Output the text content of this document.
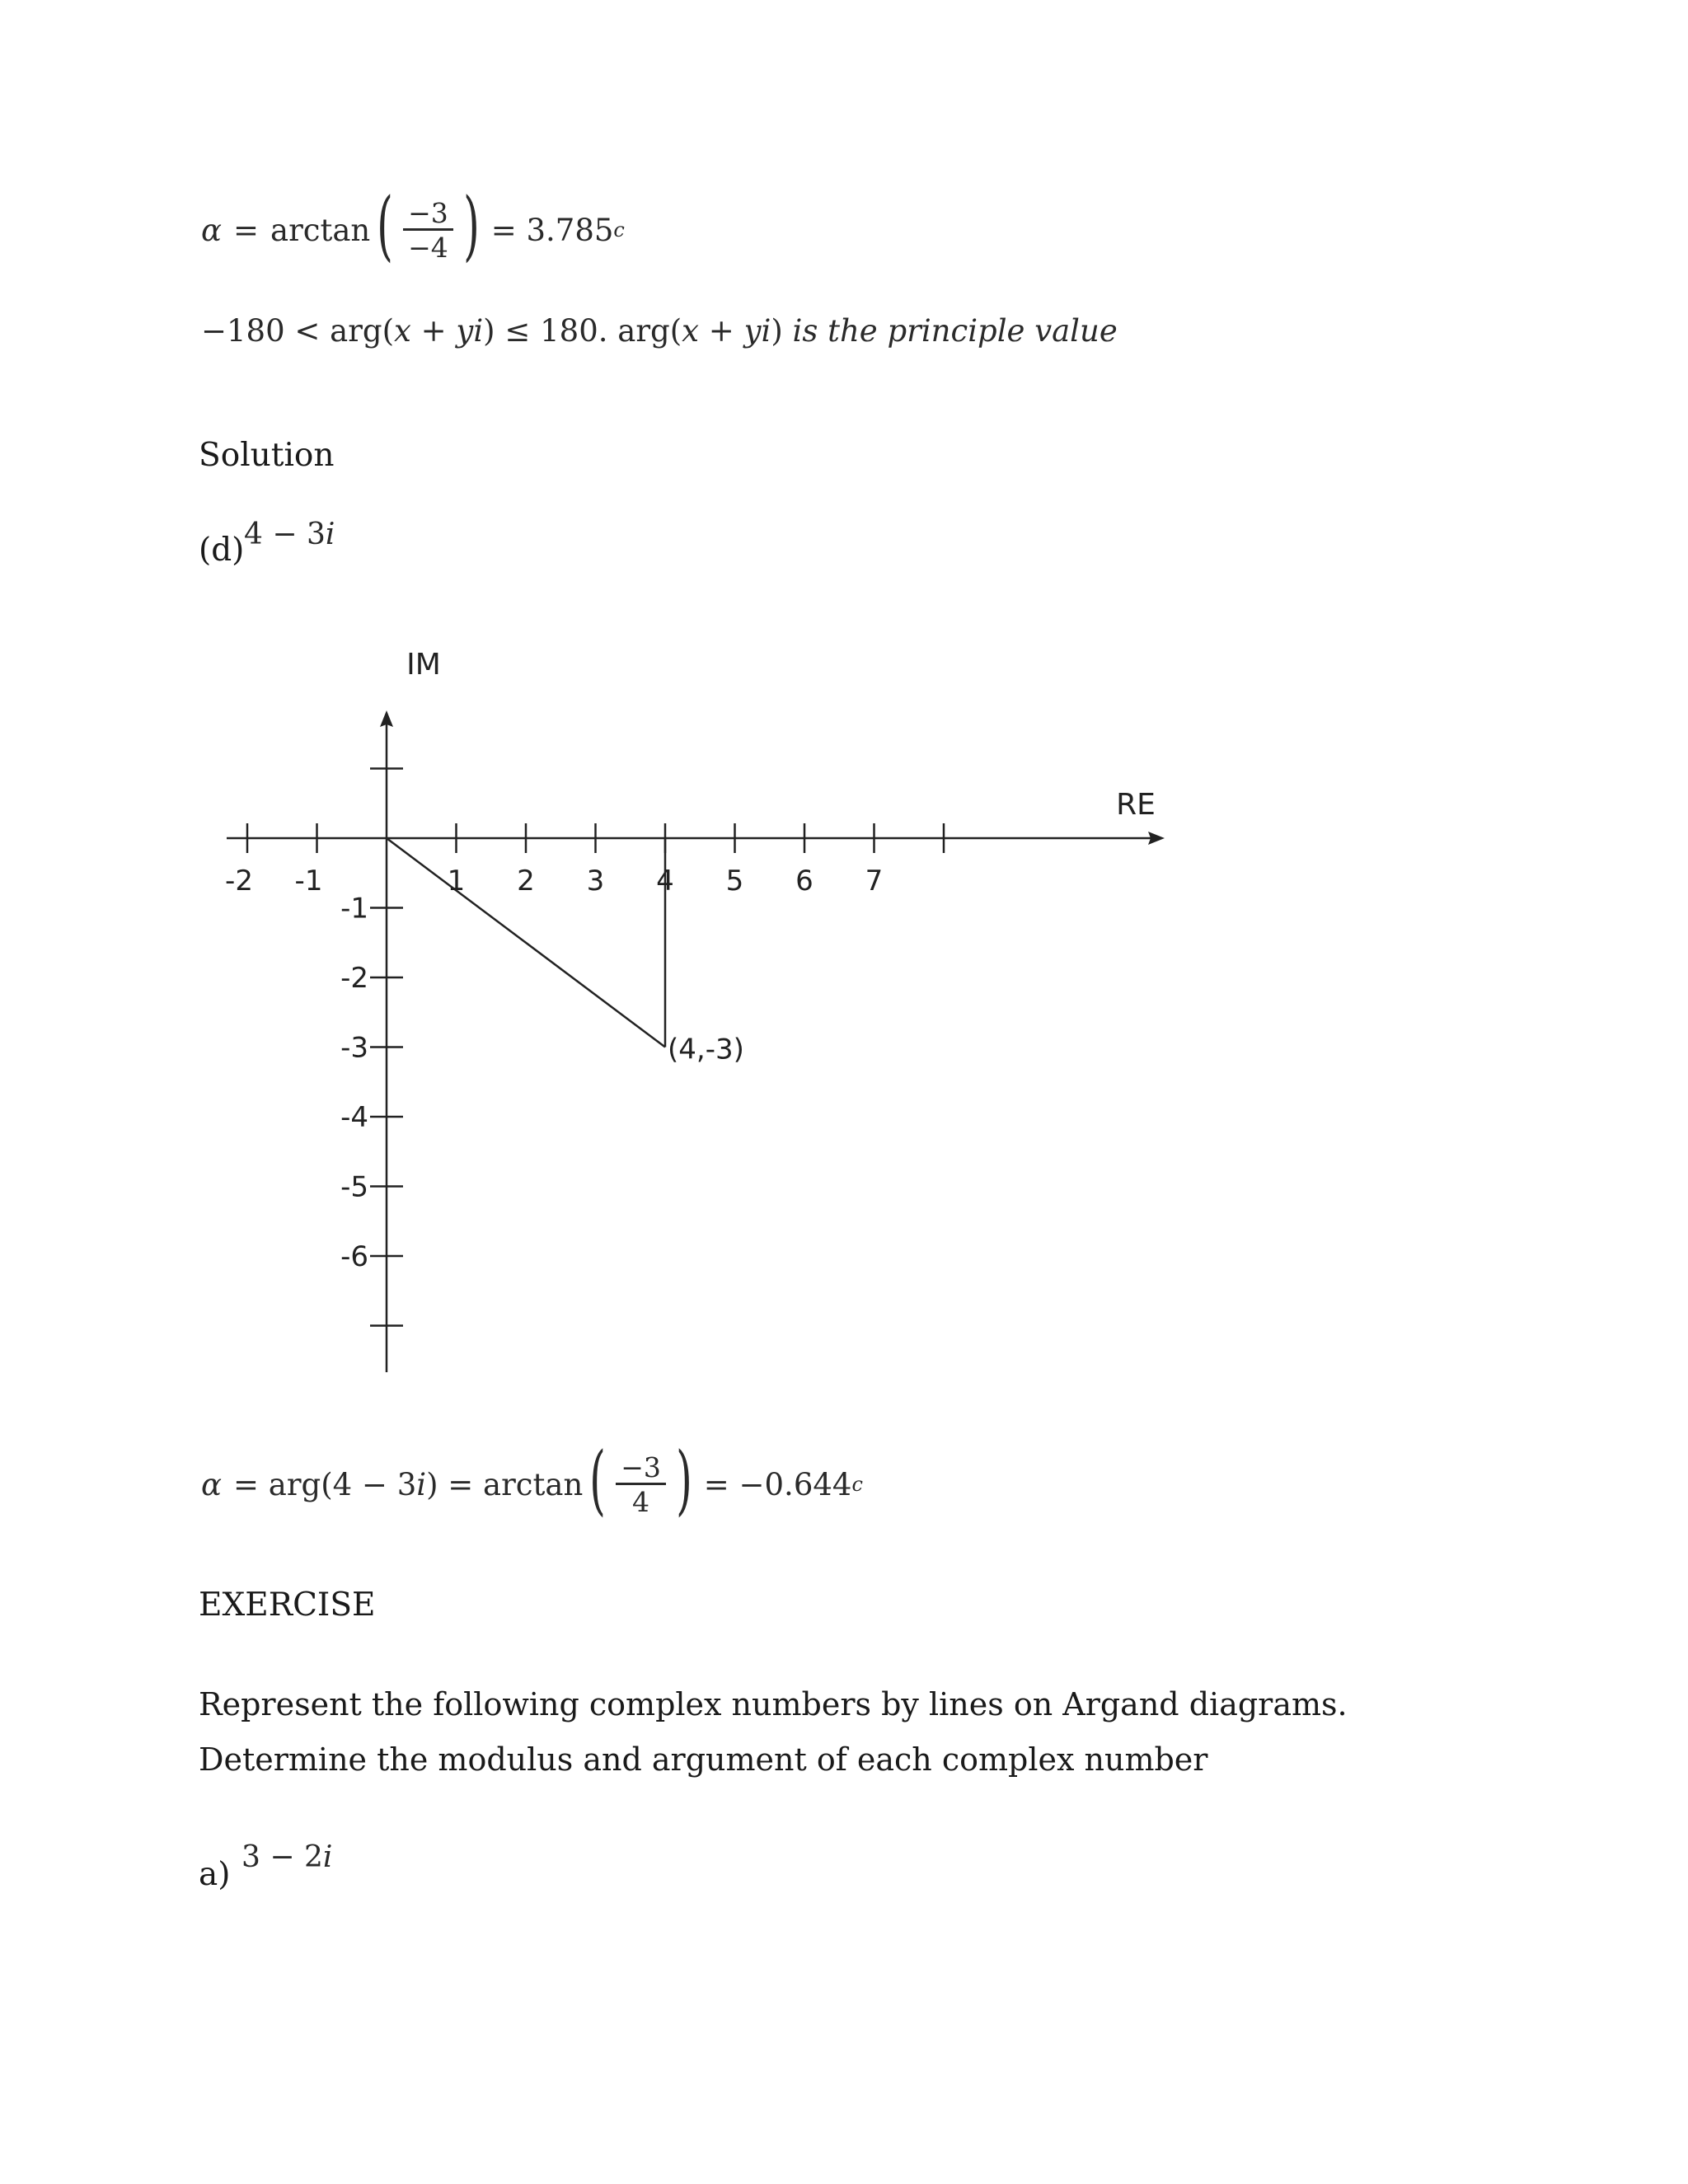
α = arctan ( $\frac{-3}{-4}$ ) = 3.785 c
−180 < arg( x + yi ) ≤ 180. arg( x + yi ) is the principle value
Solution
(d) 4 − 3 i
-2 -1	1 2 3 4 5 6 7
-1
-2
-3
-4
-5
-6
IM
RE
(4,-3)
α = arg(4 − 3 i ) = arctan ( $\frac{-3}{4}$ ) = −0.644 c
EXERCISE
Represent the following complex numbers by lines on Argand diagrams.
Determine the modulus and argument of each complex number
a) 3 − 2 i
